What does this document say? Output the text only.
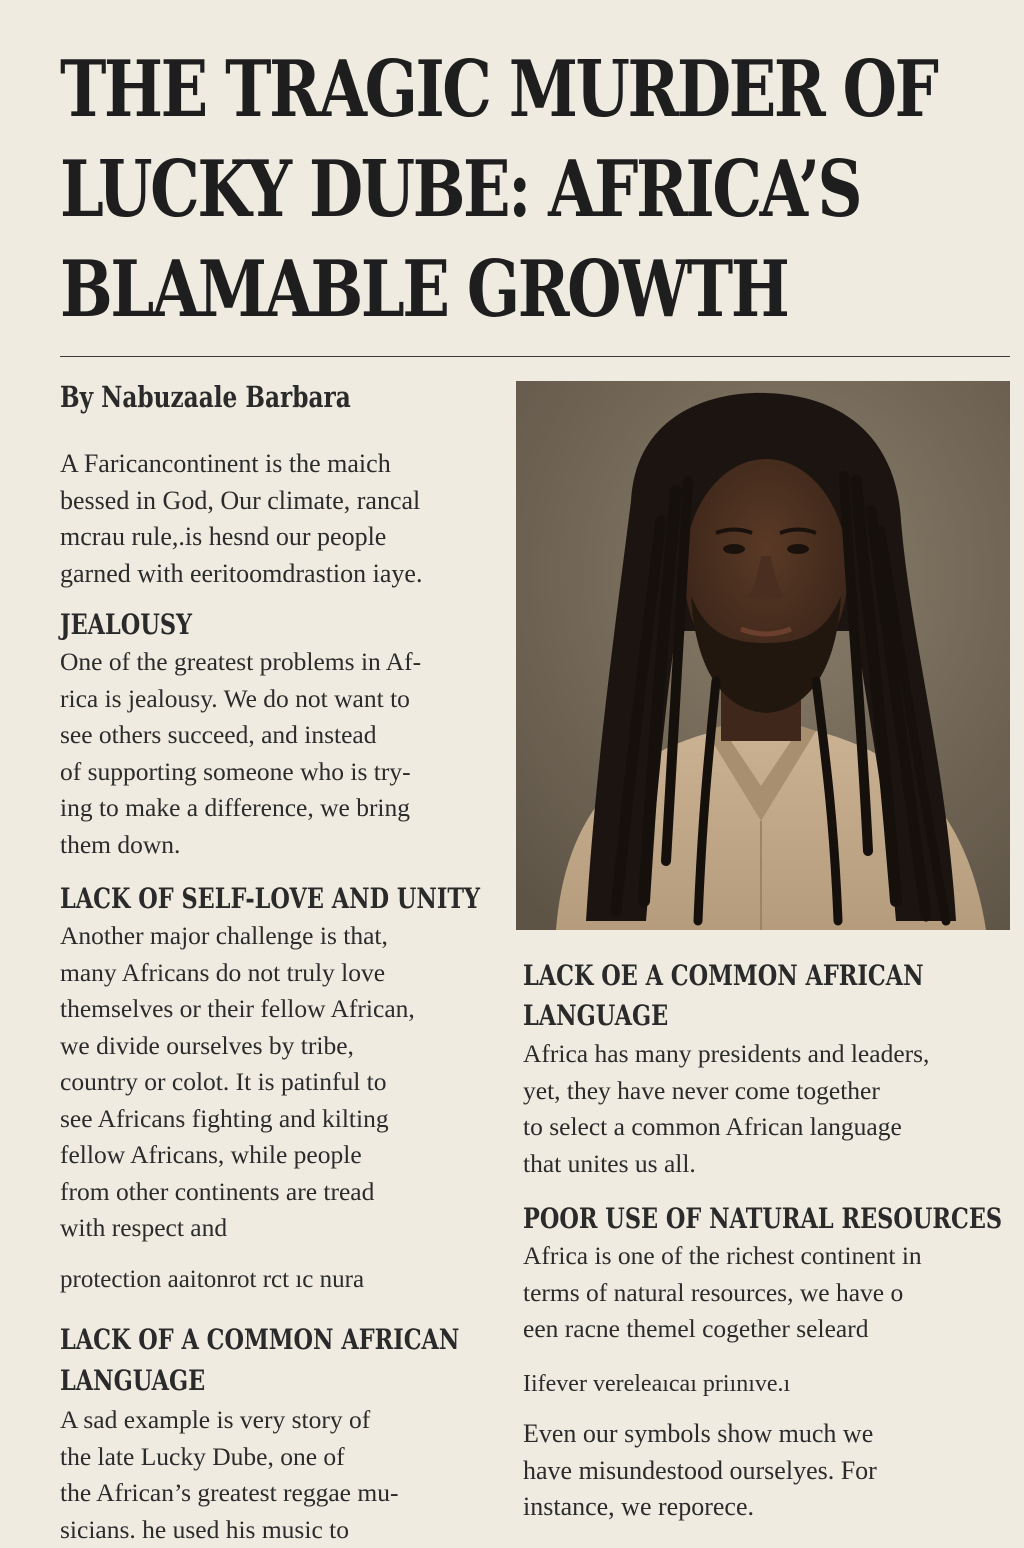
THE TRAGIC MURDER OF
LUCKY DUBE: AFRICA’S
BLAMABLE GROWTH
By Nabuzaale Barbara

A Faricancontinent is the maich
bessed in God, Our climate, rancal
mcrau rule,.is hesnd our people
garned with eeritoomdrastion iaye.

JEALOUSY

One of the greatest problems in Af-
rica is jealousy. We do not want to
see others succeed, and instead
of supporting someone who is try-
ing to make a difference, we bring
them down.

LACK OF SELF-LOVE AND UNITY

Another major challenge is that,
many Africans do not truly love
themselves or their fellow African,
we divide ourselves by tribe,
country or colot. It is patinful to
see Africans fighting and kilting
fellow Africans, while people
from other continents are tread
with respect and

protection aaitonrot rct ıc nura

LACK OF A COMMON AFRICAN
LANGUAGE

A sad example is very story of
the late Lucky Dube, one of
the African’s greatest reggae mu-
sicians. he used his music to

LACK OE A COMMON AFRICAN
LANGUAGE

Africa has many presidents and leaders,
yet, they have never come together
to select a common African language
that unites us all.

POOR USE OF NATURAL RESOURCES

Africa is one of the richest continent in
terms of natural resources, we have o
een racne themel cogether seleard

Iifever vereleaıcaı priınıve.ı

Even our symbols show much we
have misundestood ourselyes. For
instance, we reporece.
